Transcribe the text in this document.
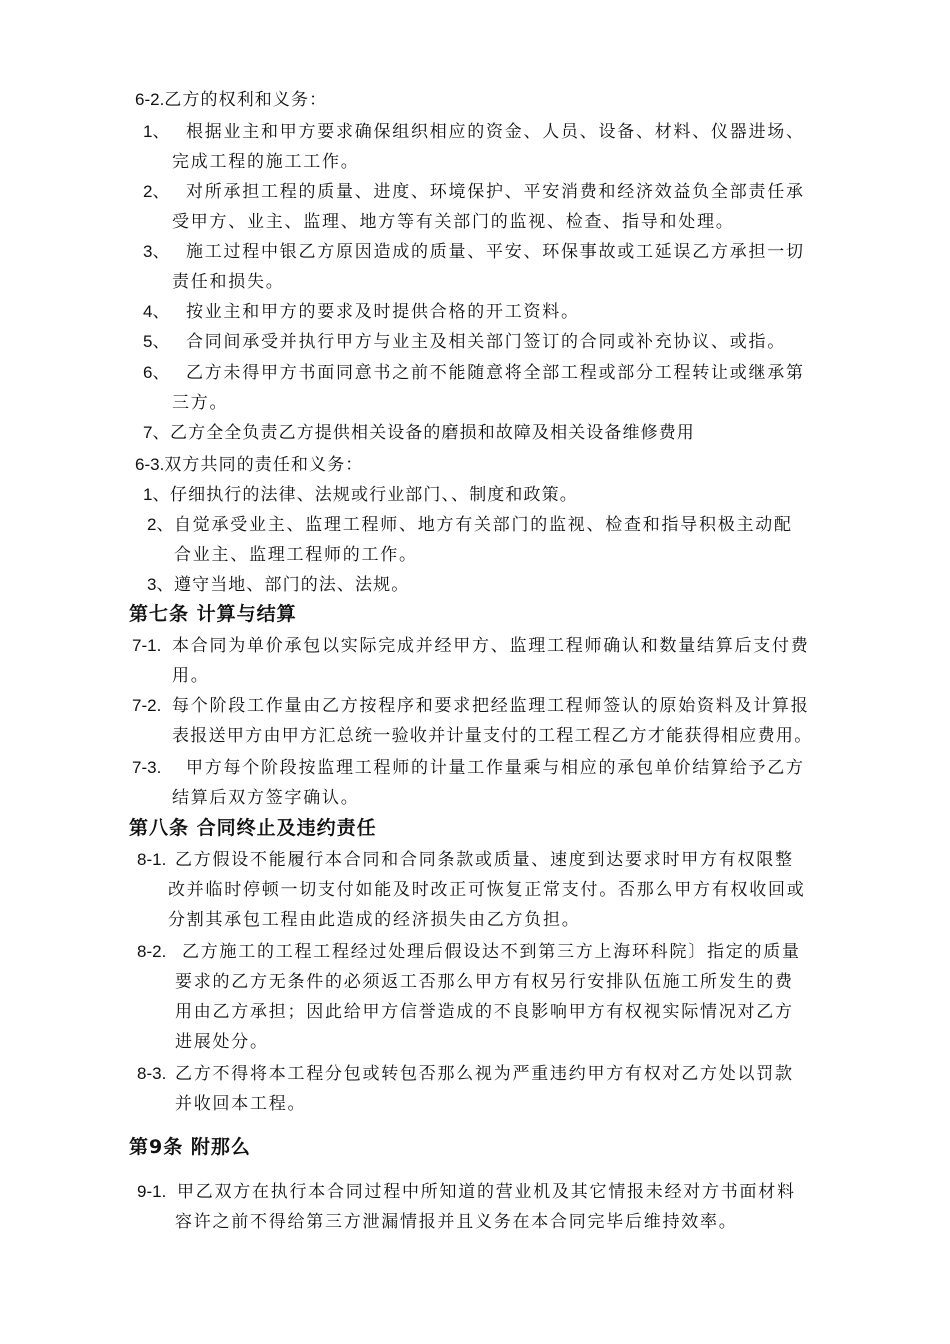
6-2.乙方的权利和义务：
1、 根据业主和甲方要求确保组织相应的资金、人员、设备、材料、仪器进场、
完成工程的施工工作。
2、 对所承担工程的质量、进度、环境保护、平安消费和经济效益负全部责任承
受甲方、业主、监理、地方等有关部门的监视、检查、指导和处理。
3、 施工过程中银乙方原因造成的质量、平安、环保事故或工延误乙方承担一切
责任和损失。
4、 按业主和甲方的要求及时提供合格的开工资料。
5、 合同间承受并执行甲方与业主及相关部门签订的合同或补充协议、或指。
6、 乙方未得甲方书面同意书之前不能随意将全部工程或部分工程转让或继承第
三方。
7、 乙方全全负责乙方提供相关设备的磨损和故障及相关设备维修费用
6-3.双方共同的责任和义务：
1、 仔细执行的法律、法规或行业部门、、制度和政策。
2、 自觉承受业主、监理工程师、地方有关部门的监视、检查和指导积极主动配
合业主、监理工程师的工作。
3、 遵守当地、部门的法、法规。
第七条 计算与结算
7-1. 本合同为单价承包以实际完成并经甲方、监理工程师确认和数量结算后支付费
用。
7-2. 每个阶段工作量由乙方按程序和要求把经监理工程师签认的原始资料及计算报
表报送甲方由甲方汇总统一验收并计量支付的工程工程乙方才能获得相应费用。
7-3. 甲方每个阶段按监理工程师的计量工作量乘与相应的承包单价结算给予乙方
结算后双方签字确认。
第八条 合同终止及违约责任
8-1. 乙方假设不能履行本合同和合同条款或质量、速度到达要求时甲方有权限整
改并临时停顿一切支付如能及时改正可恢复正常支付。否那么甲方有权收回或
分割其承包工程由此造成的经济损失由乙方负担。
8-2. 乙方施工的工程工程经过处理后假设达不到第三方上海环科院〕指定的质量
要求的乙方无条件的必须返工否那么甲方有权另行安排队伍施工所发生的费
用由乙方承担；因此给甲方信誉造成的不良影响甲方有权视实际情况对乙方
进展处分。
8-3. 乙方不得将本工程分包或转包否那么视为严重违约甲方有权对乙方处以罚款
并收回本工程。
第9条 附那么
9-1. 甲乙双方在执行本合同过程中所知道的营业机及其它情报未经对方书面材料
容许之前不得给第三方泄漏情报并且义务在本合同完毕后维持效率。
